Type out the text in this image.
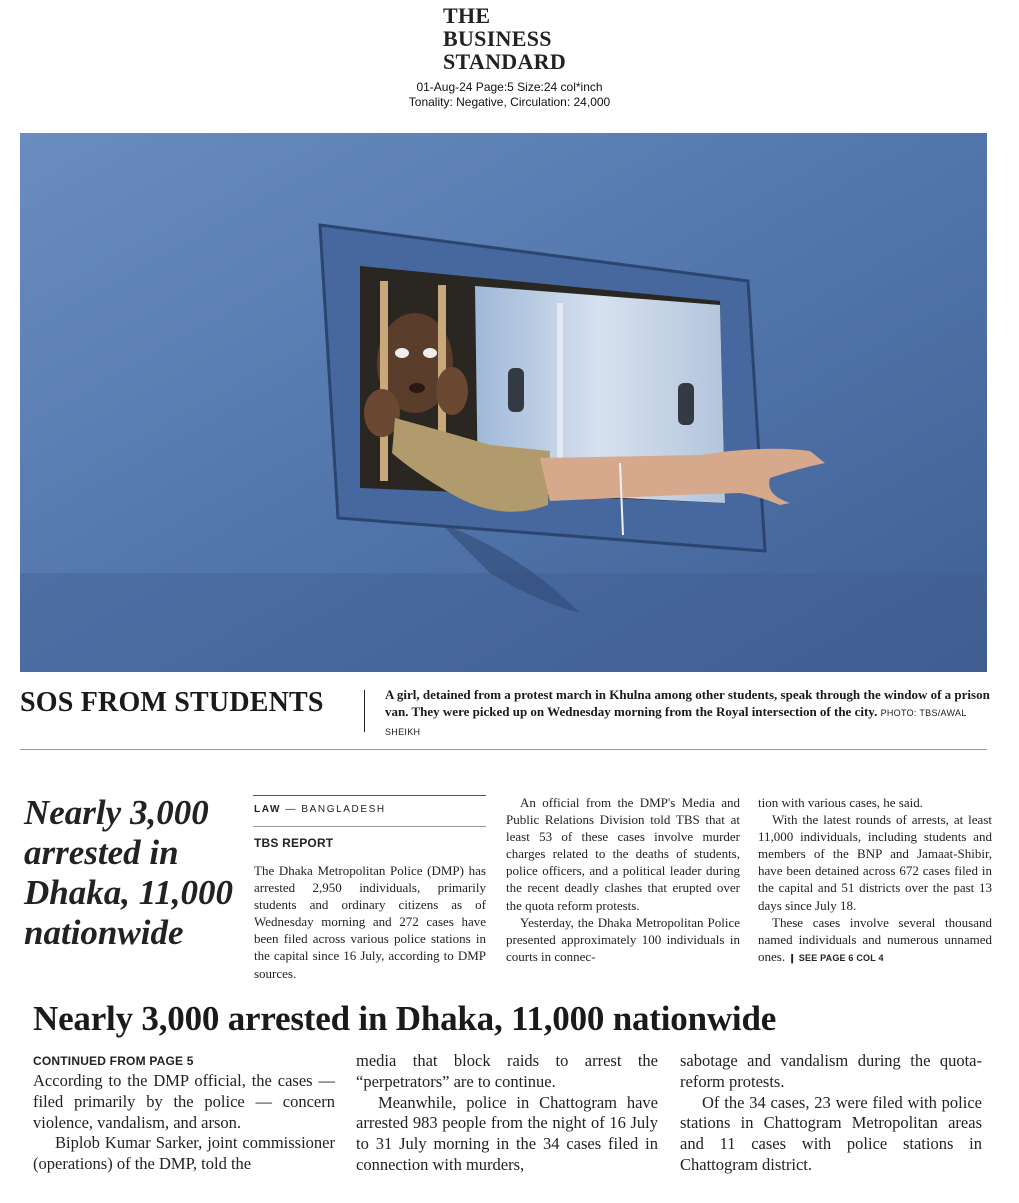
THE
BUSINESS
STANDARD
01-Aug-24 Page:5 Size:24 col*inch
Tonality: Negative, Circulation: 24,000
SOS FROM STUDENTS	A girl, detained from a protest march in Khulna among other students, speak through the window of a prison van. They were picked up on Wednesday morning from the Royal intersection of the city. PHOTO: TBS/AWAL SHEIKH
Nearly 3,000 arrested in Dhaka, 11,000 nationwide
LAW — BANGLADESH
TBS REPORT

The Dhaka Metropolitan Police (DMP) has arrested 2,950 individuals, primarily students and ordinary citizens as of Wednesday morning and 272 cases have been filed across various police stations in the capital since 16 July, according to DMP sources.

An official from the DMP's Media and Public Relations Division told TBS that at least 53 of these cases involve murder charges related to the deaths of students, police officers, and a political leader during the recent deadly clashes that erupted over the quota reform protests.

Yesterday, the Dhaka Metropolitan Police presented approximately 100 individuals in courts in connec-

tion with various cases, he said.

With the latest rounds of arrests, at least 11,000 individuals, including students and members of the BNP and Jamaat-Shibir, have been detained across 672 cases filed in the capital and 51 districts over the past 13 days since July 18.

These cases involve several thousand named individuals and numerous unnamed ones. ❙ SEE PAGE 6 COL 4

Nearly 3,000 arrested in Dhaka, 11,000 nationwide
CONTINUED FROM PAGE 5

According to the DMP official, the cases — filed primarily by the police — concern violence, vandalism, and arson.

Biplob Kumar Sarker, joint commissioner (operations) of the DMP, told the

media that block raids to arrest the “perpetrators” are to continue.

Meanwhile, police in Chattogram have arrested 983 people from the night of 16 July to 31 July morning in the 34 cases filed in connection with murders,

sabotage and vandalism during the quota-reform protests.

Of the 34 cases, 23 were filed with police stations in Chattogram Metropolitan areas and 11 cases with police stations in Chattogram district.
